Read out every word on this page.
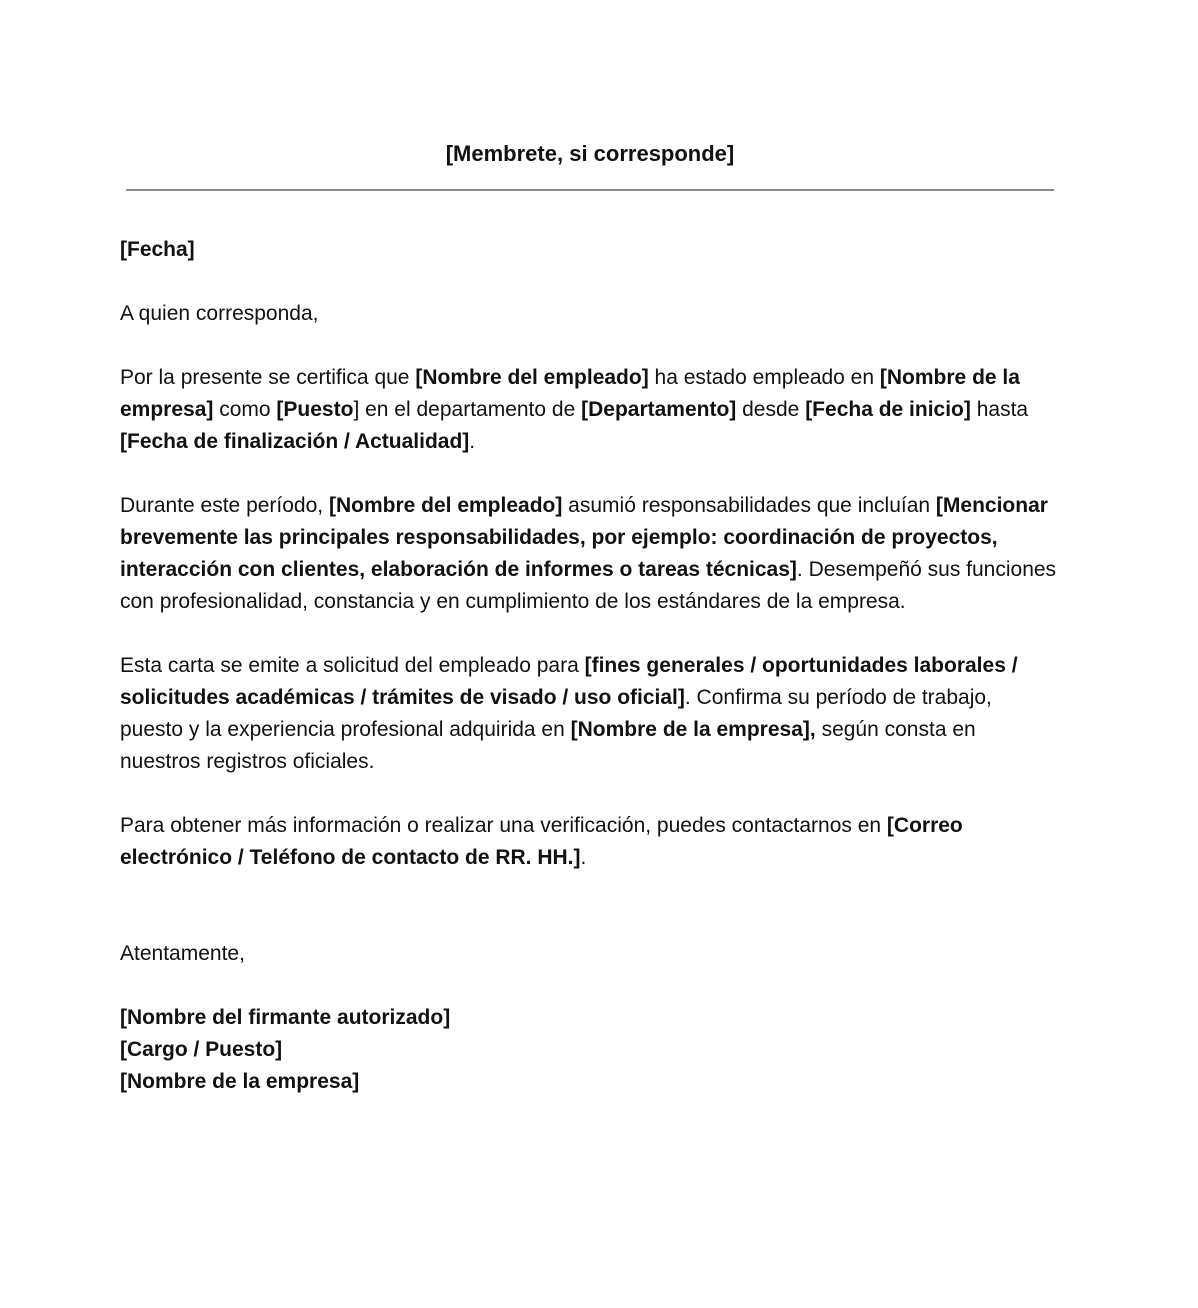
[Membrete, si corresponde]

[Fecha]

A quien corresponda,

Por la presente se certifica que [Nombre del empleado] ha estado empleado en [Nombre de la empresa] como [Puesto] en el departamento de [Departamento] desde [Fecha de inicio] hasta [Fecha de finalización / Actualidad].

Durante este período, [Nombre del empleado] asumió responsabilidades que incluían [Mencionar brevemente las principales responsabilidades, por ejemplo: coordinación de proyectos, interacción con clientes, elaboración de informes o tareas técnicas]. Desempeñó sus funciones con profesionalidad, constancia y en cumplimiento de los estándares de la empresa.

Esta carta se emite a solicitud del empleado para [fines generales / oportunidades laborales / solicitudes académicas / trámites de visado / uso oficial]. Confirma su período de trabajo, puesto y la experiencia profesional adquirida en [Nombre de la empresa], según consta en nuestros registros oficiales.

Para obtener más información o realizar una verificación, puedes contactarnos en [Correo electrónico / Teléfono de contacto de RR. HH.].

Atentamente,

[Nombre del firmante autorizado]

[Cargo / Puesto]

[Nombre de la empresa]
